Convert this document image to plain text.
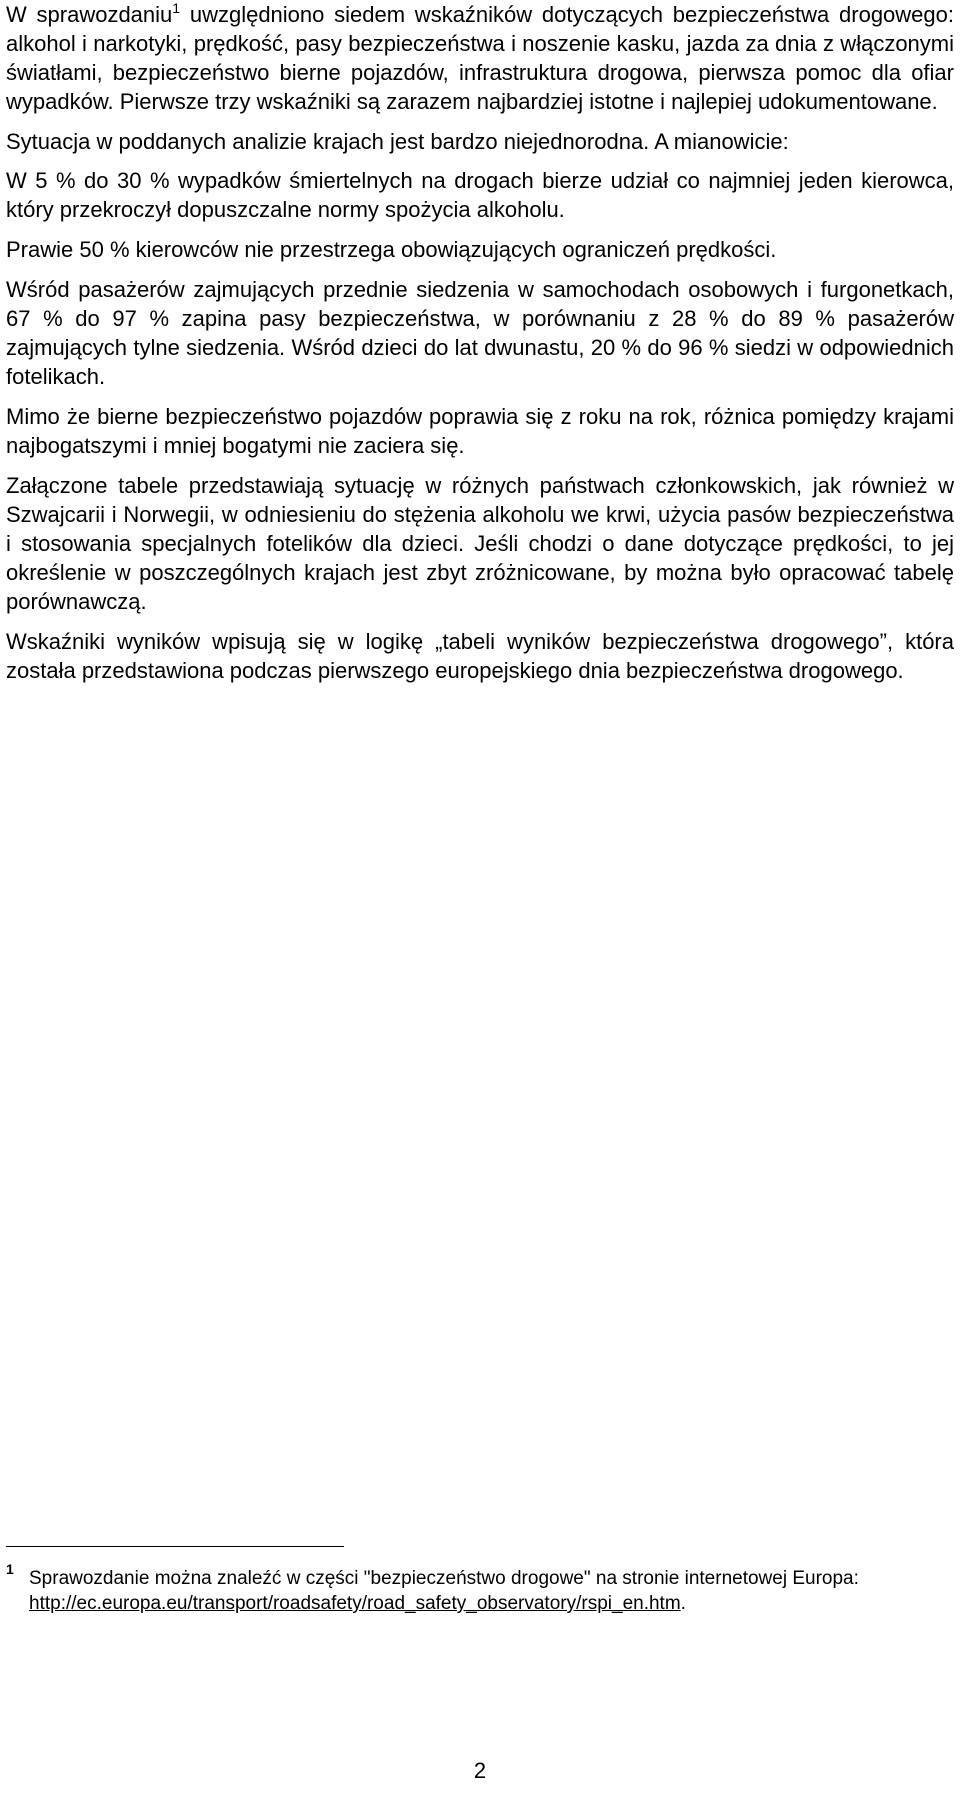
W sprawozdaniu$^1$ uwzględniono siedem wskaźników dotyczących bezpieczeństwa drogowego: alkohol i narkotyki, prędkość, pasy bezpieczeństwa i noszenie kasku, jazda za dnia z włączonymi światłami, bezpieczeństwo bierne pojazdów, infrastruktura drogowa, pierwsza pomoc dla ofiar wypadków. Pierwsze trzy wskaźniki są zarazem najbardziej istotne i najlepiej udokumentowane.

Sytuacja w poddanych analizie krajach jest bardzo niejednorodna. A mianowicie:

W 5 % do 30 % wypadków śmiertelnych na drogach bierze udział co najmniej jeden kierowca, który przekroczył dopuszczalne normy spożycia alkoholu.

Prawie 50 % kierowców nie przestrzega obowiązujących ograniczeń prędkości.

Wśród pasażerów zajmujących przednie siedzenia w samochodach osobowych i furgonetkach, 67 % do 97 % zapina pasy bezpieczeństwa, w porównaniu z 28 % do 89 % pasażerów zajmujących tylne siedzenia. Wśród dzieci do lat dwunastu, 20 % do 96 % siedzi w odpowiednich fotelikach.

Mimo że bierne bezpieczeństwo pojazdów poprawia się z roku na rok, różnica pomiędzy krajami najbogatszymi i mniej bogatymi nie zaciera się.

Załączone tabele przedstawiają sytuację w różnych państwach członkowskich, jak również w Szwajcarii i Norwegii, w odniesieniu do stężenia alkoholu we krwi, użycia pasów bezpieczeństwa i stosowania specjalnych fotelików dla dzieci. Jeśli chodzi o dane dotyczące prędkości, to jej określenie w poszczególnych krajach jest zbyt zróżnicowane, by można było opracować tabelę porównawczą.

Wskaźniki wyników wpisują się w logikę „tabeli wyników bezpieczeństwa drogowego”, która została przedstawiona podczas pierwszego europejskiego dnia bezpieczeństwa drogowego.

1 Sprawozdanie można znaleźć w części "bezpieczeństwo drogowe" na stronie internetowej Europa:
http://ec.europa.eu/transport/roadsafety/road_safety_observatory/rspi_en.htm.
2
